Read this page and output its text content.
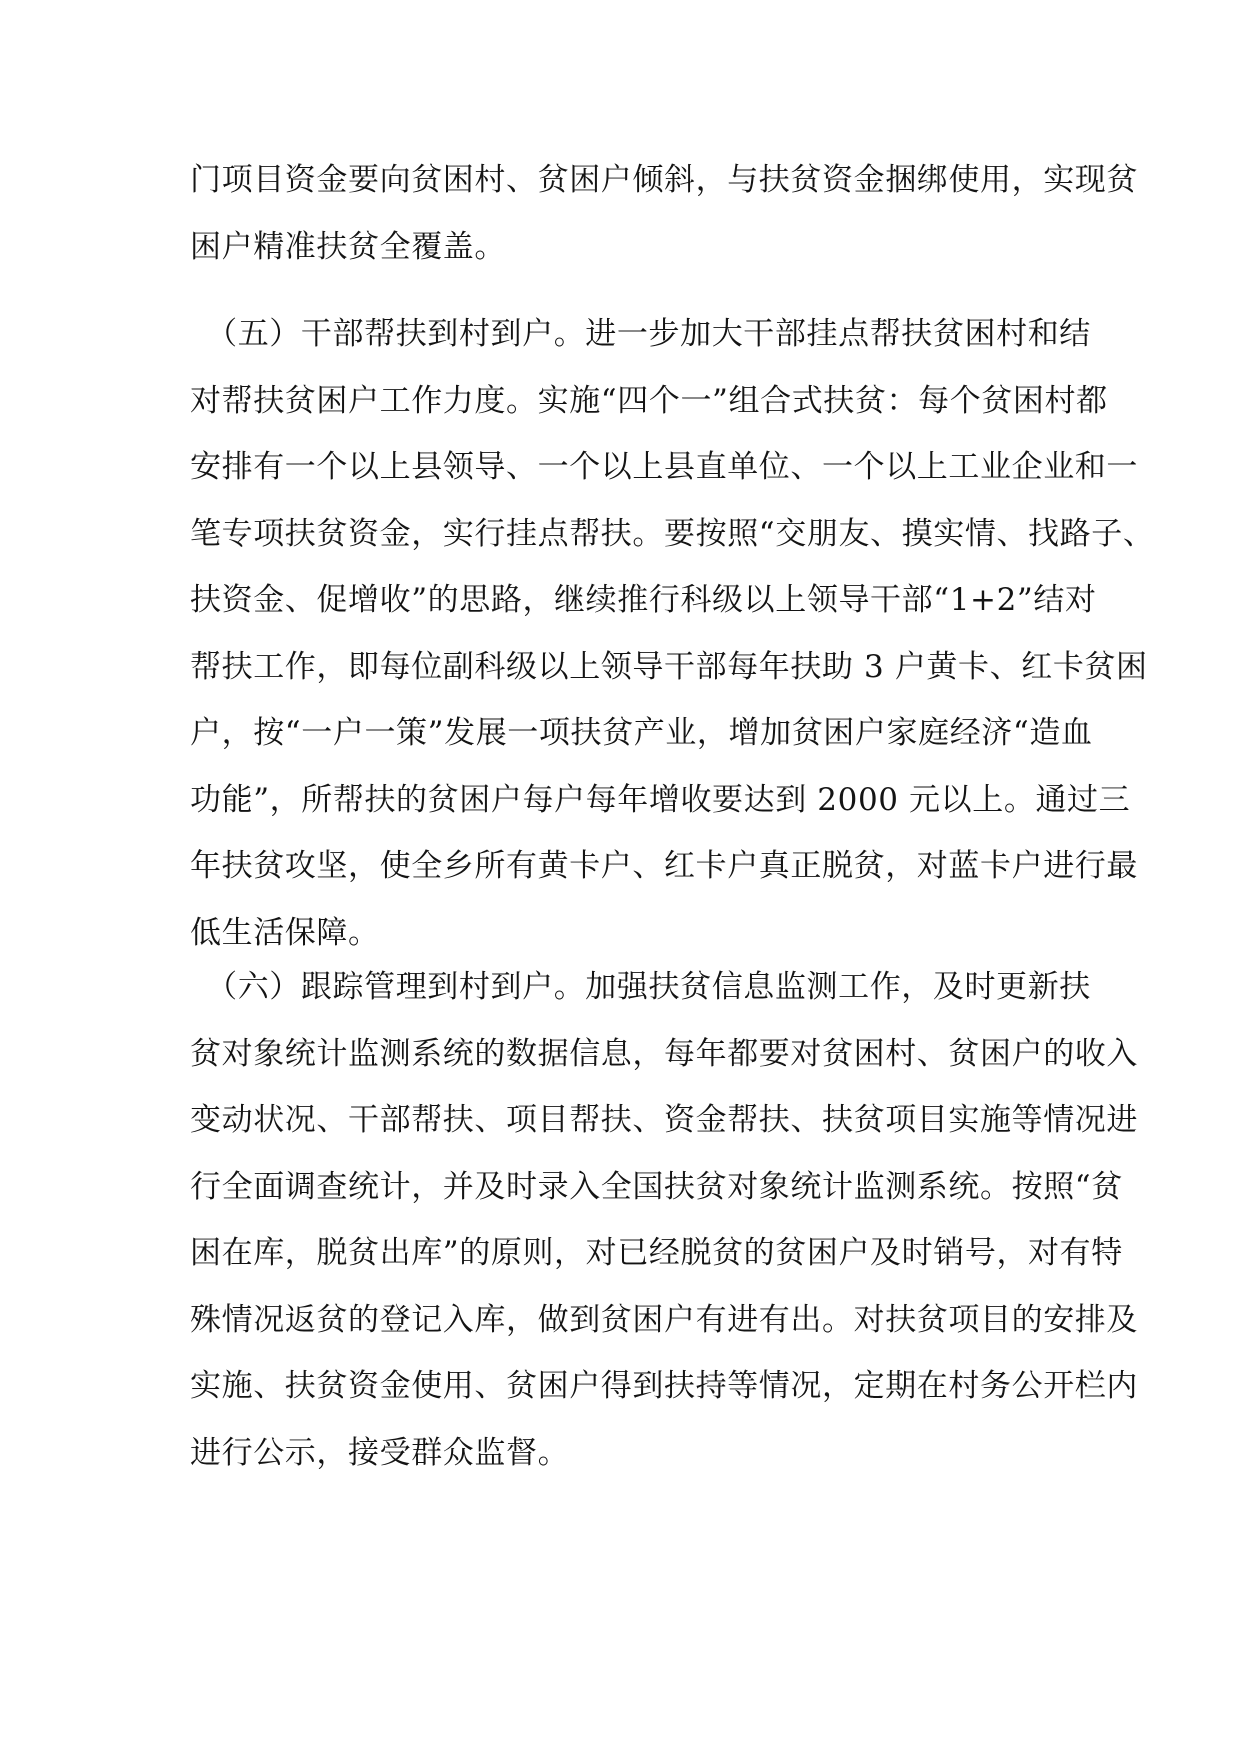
门项目资金要向贫困村、贫困户倾斜，与扶贫资金捆绑使用，实现贫
困户精准扶贫全覆盖。
　（五）干部帮扶到村到户。进一步加大干部挂点帮扶贫困村和结
对帮扶贫困户工作力度。实施“四个一”组合式扶贫：每个贫困村都
安排有一个以上县领导、一个以上县直单位、一个以上工业企业和一
笔专项扶贫资金，实行挂点帮扶。要按照“交朋友、摸实情、找路子、
扶资金、促增收”的思路，继续推行科级以上领导干部“1+2”结对
帮扶工作，即每位副科级以上领导干部每年扶助 3 户黄卡、红卡贫困
户，按“一户一策”发展一项扶贫产业，增加贫困户家庭经济“造血
功能”，所帮扶的贫困户每户每年增收要达到 2000 元以上。通过三
年扶贫攻坚，使全乡所有黄卡户、红卡户真正脱贫，对蓝卡户进行最
低生活保障。
　（六）跟踪管理到村到户。加强扶贫信息监测工作，及时更新扶
贫对象统计监测系统的数据信息，每年都要对贫困村、贫困户的收入
变动状况、干部帮扶、项目帮扶、资金帮扶、扶贫项目实施等情况进
行全面调查统计，并及时录入全国扶贫对象统计监测系统。按照“贫
困在库，脱贫出库”的原则，对已经脱贫的贫困户及时销号，对有特
殊情况返贫的登记入库，做到贫困户有进有出。对扶贫项目的安排及
实施、扶贫资金使用、贫困户得到扶持等情况，定期在村务公开栏内
进行公示，接受群众监督。
